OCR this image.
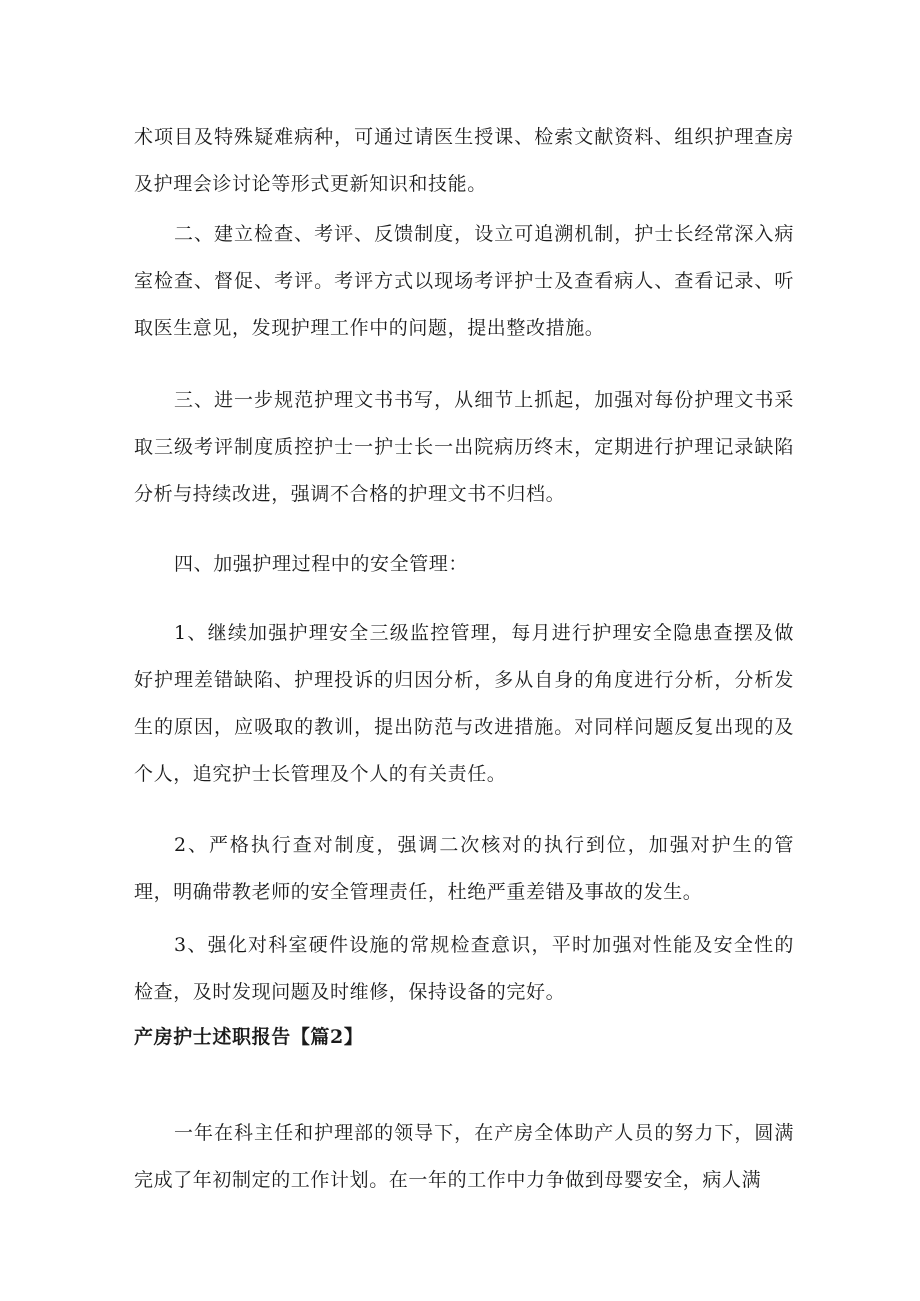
术项目及特殊疑难病种，可通过请医生授课、检索文献资料、组织护理查房及护理会诊讨论等形式更新知识和技能。

二、建立检查、考评、反馈制度，设立可追溯机制，护士长经常深入病室检查、督促、考评。考评方式以现场考评护士及查看病人、查看记录、听取医生意见，发现护理工作中的问题，提出整改措施。

三、进一步规范护理文书书写，从细节上抓起，加强对每份护理文书采取三级考评制度质控护士一护士长一出院病历终末，定期进行护理记录缺陷分析与持续改进，强调不合格的护理文书不归档。

四、加强护理过程中的安全管理：

1、继续加强护理安全三级监控管理，每月进行护理安全隐患查摆及做好护理差错缺陷、护理投诉的归因分析，多从自身的角度进行分析，分析发生的原因，应吸取的教训，提出防范与改进措施。对同样问题反复出现的及个人，追究护士长管理及个人的有关责任。

2、严格执行查对制度，强调二次核对的执行到位，加强对护生的管理，明确带教老师的安全管理责任，杜绝严重差错及事故的发生。

3、强化对科室硬件设施的常规检查意识，平时加强对性能及安全性的检查，及时发现问题及时维修，保持设备的完好。

产房护士述职报告【篇2】

一年在科主任和护理部的领导下，在产房全体助产人员的努力下，圆满完成了年初制定的工作计划。在一年的工作中力争做到母婴安全，病人满
